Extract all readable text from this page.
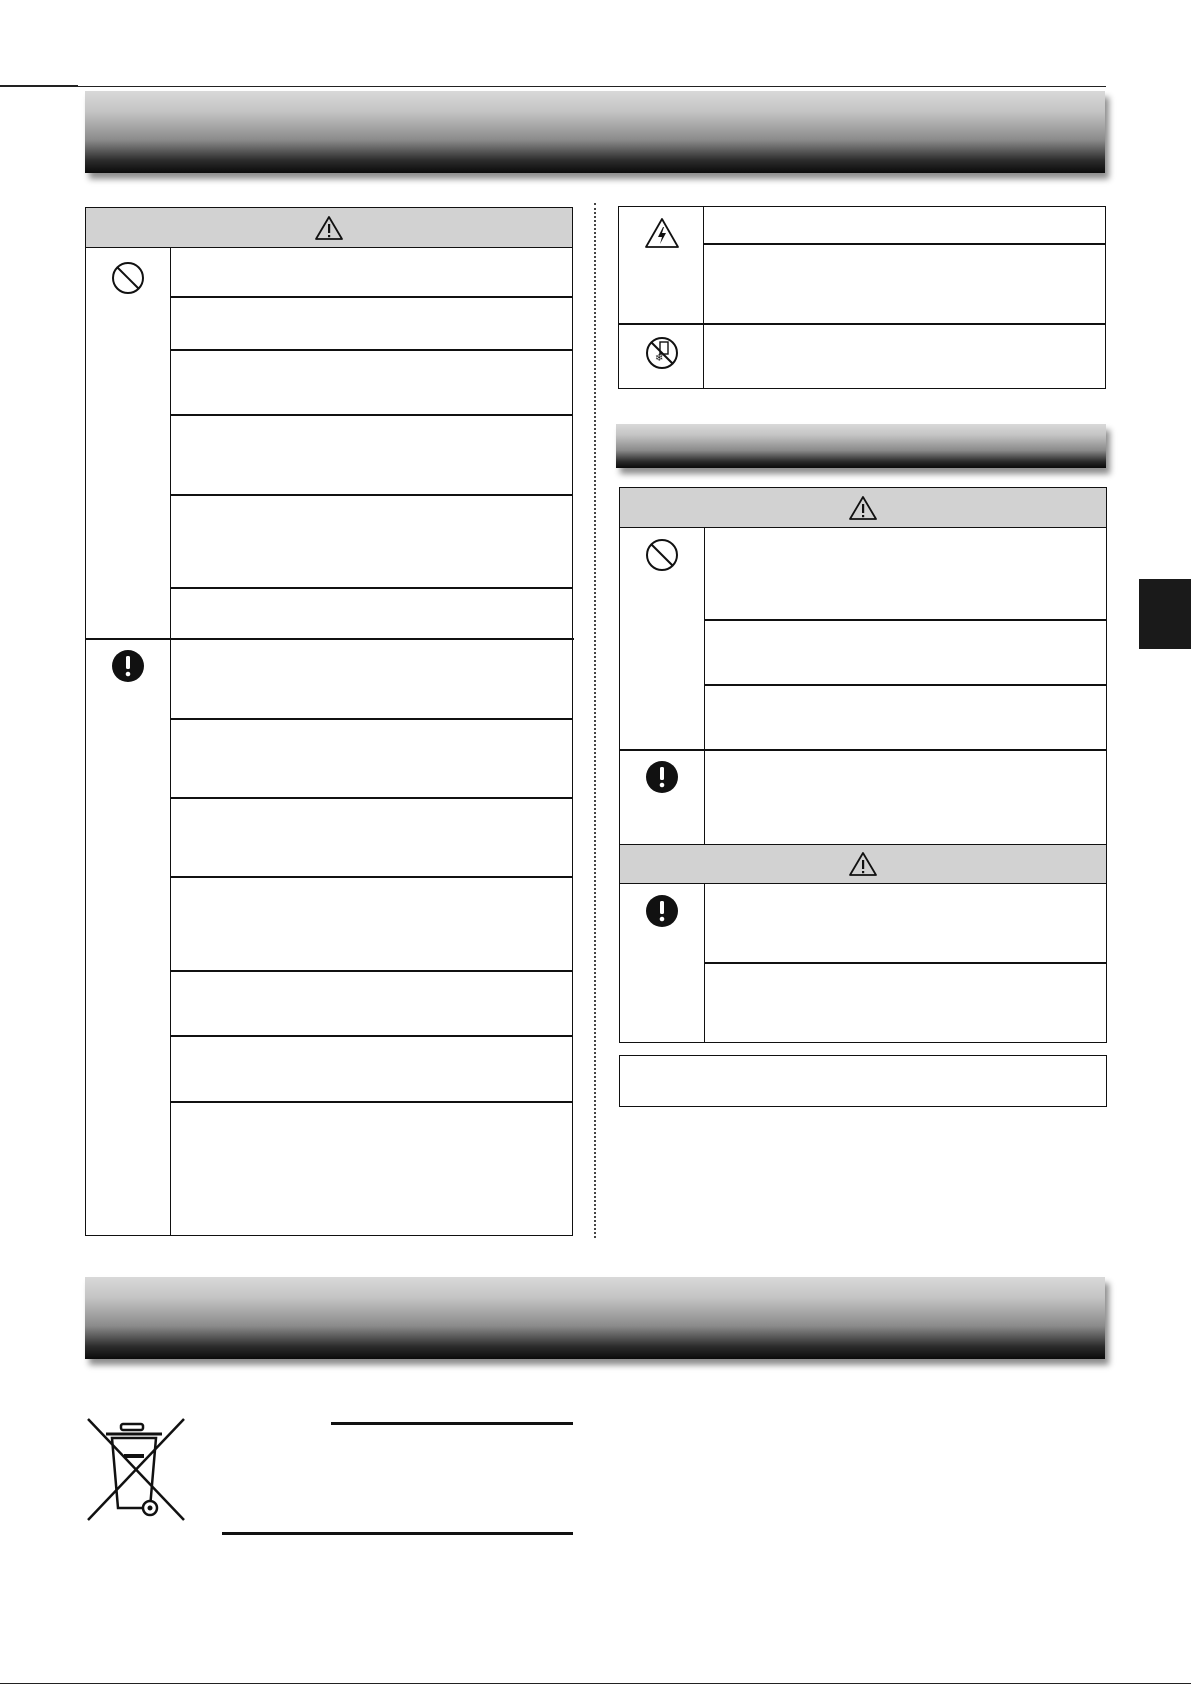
❄
